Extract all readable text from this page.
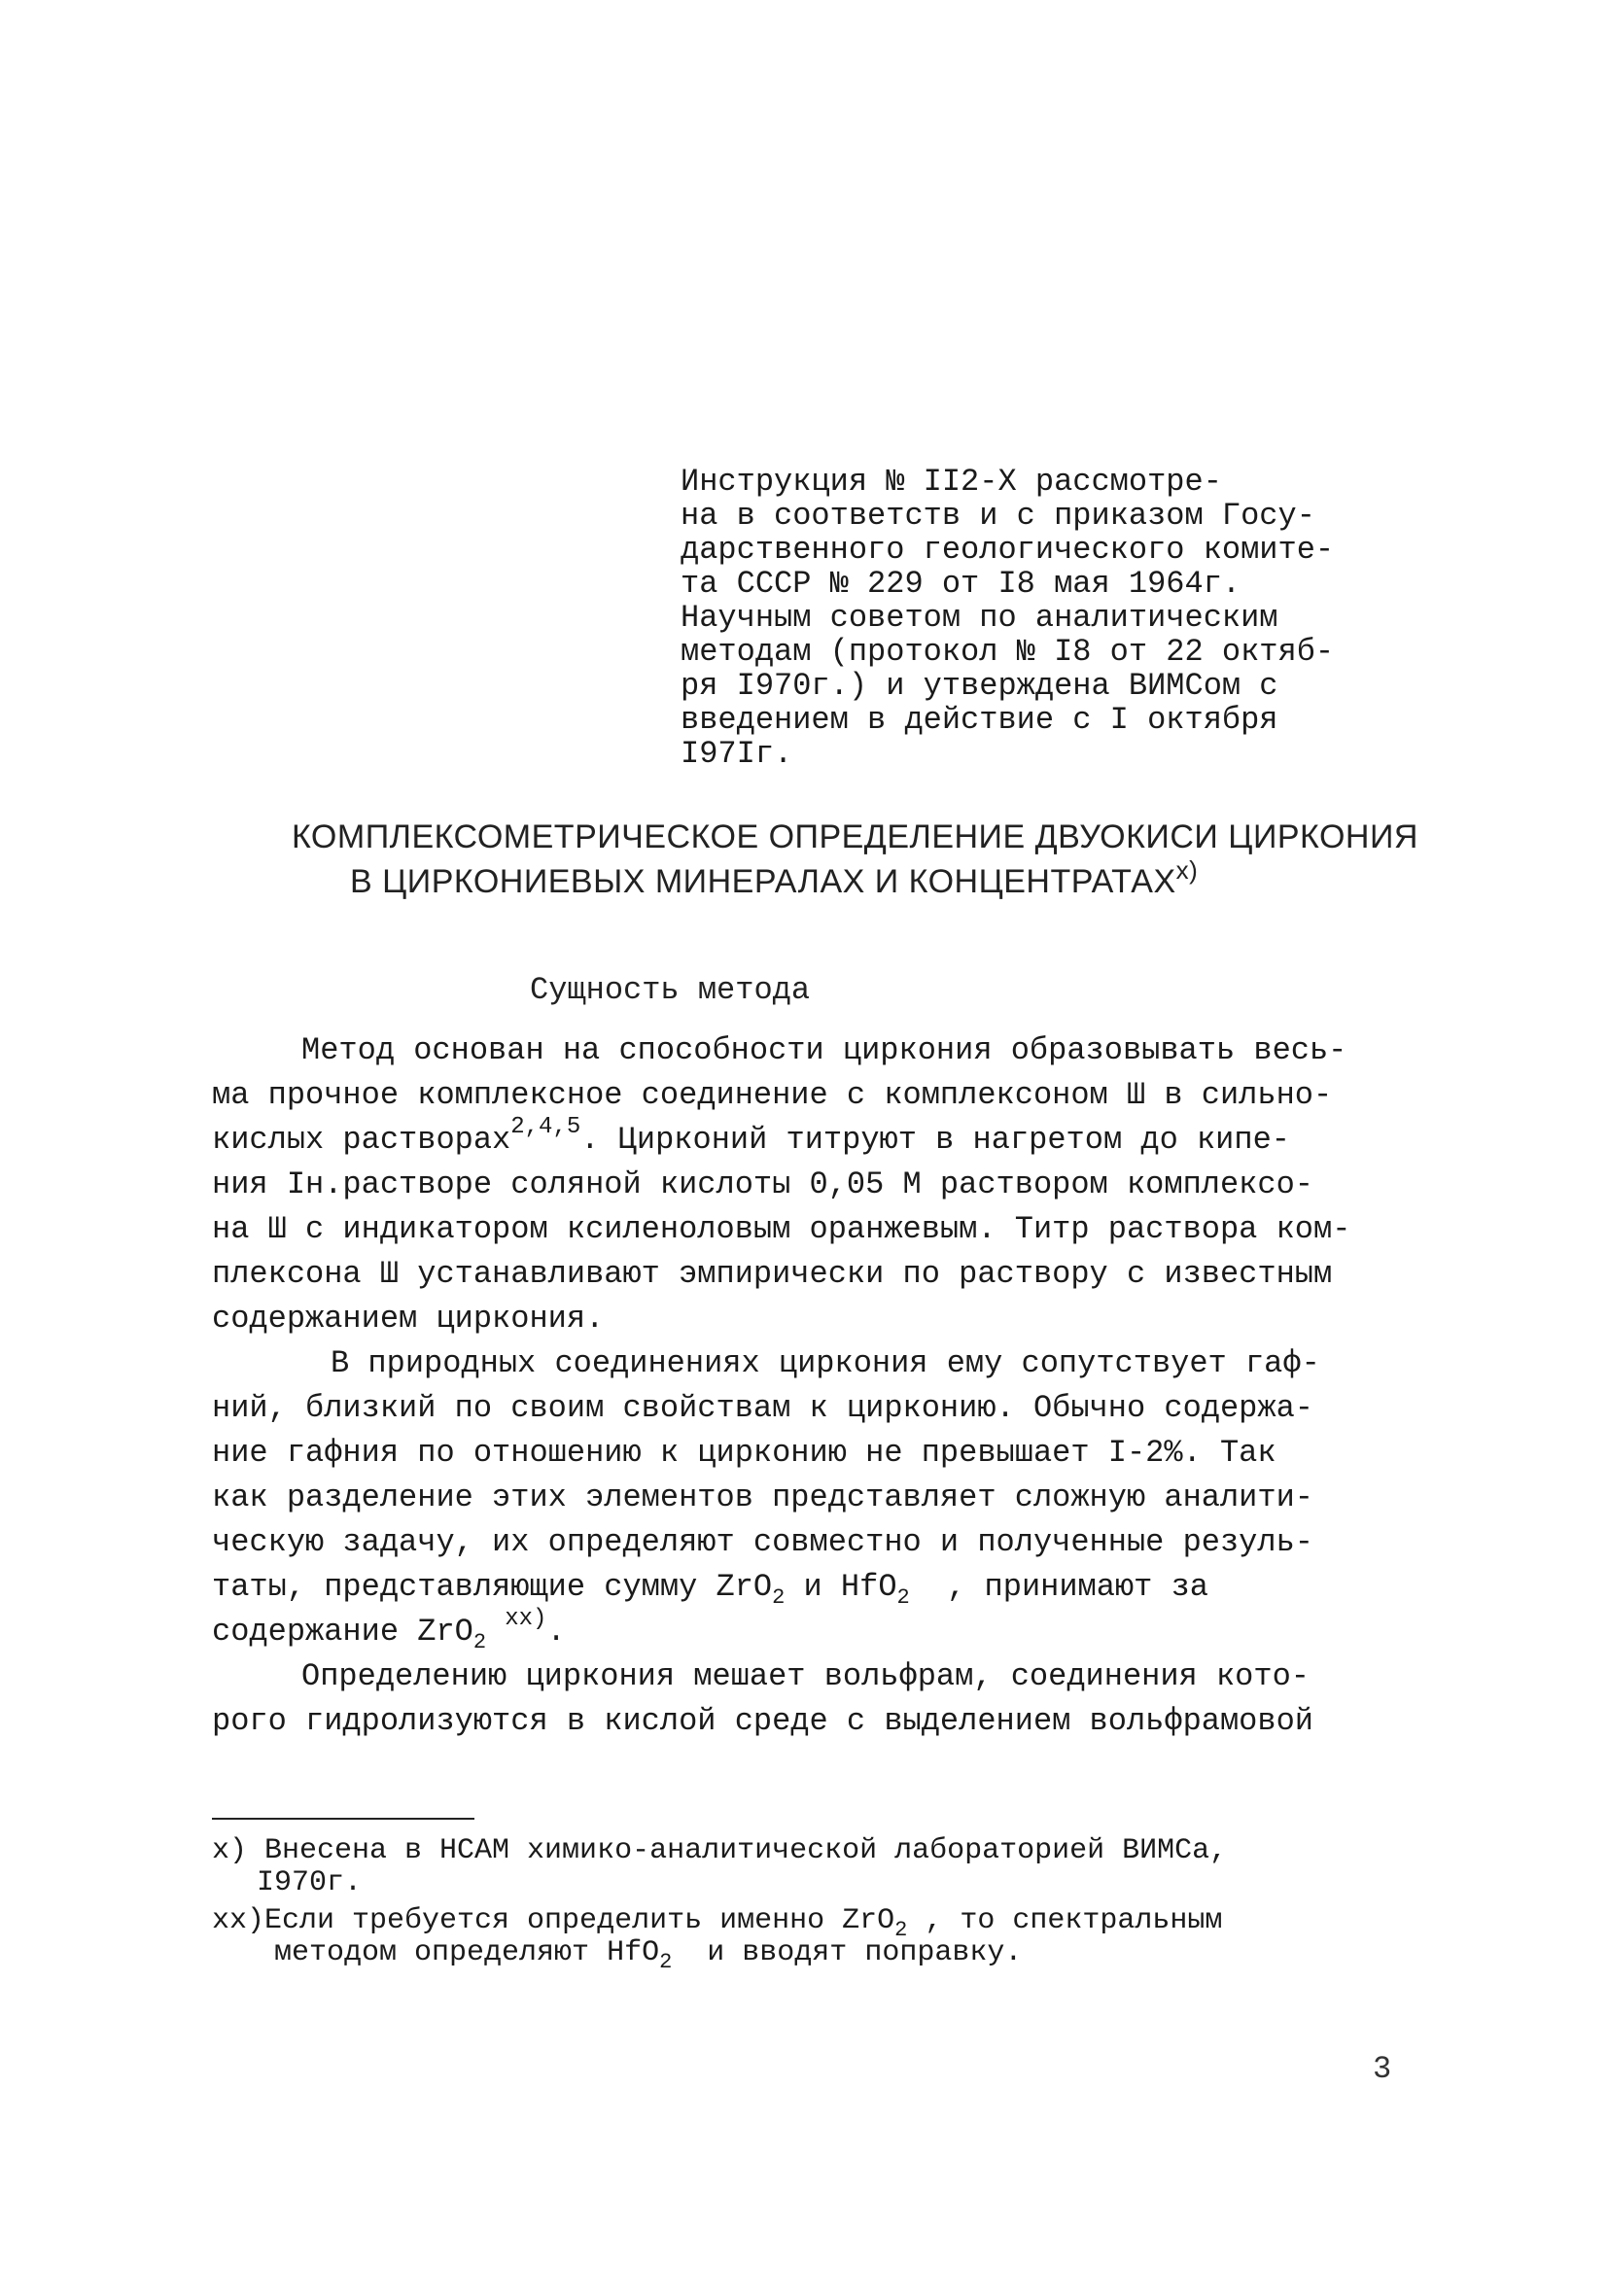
Инструкция № II2-Х рассмотре-
на в соответств и с приказом Госу-
дарственного геологического комите-
та СССР № 229 от I8 мая 1964г.
Научным советом по аналитическим
методам (протокол № I8 от 22 октяб-
ря I970г.) и утверждена ВИМСом с
введением в действие с I октября
I97Iг.
КОМПЛЕКСОМЕТРИЧЕСКОЕ ОПРЕДЕЛЕНИЕ ДВУОКИСИ ЦИРКОНИЯ
В ЦИРКОНИЕВЫХ МИНЕРАЛАХ И КОНЦЕНТРАТАХ$^{х)}$
Сущность метода
Метод основан на способности циркония образовывать весь-
ма прочное комплексное соединение с комплексоном Ш в сильно-
кислых растворах$^{2,4,5}$. Цирконий титруют в нагретом до кипе-
ния Iн.растворе соляной кислоты 0,05 М раствором комплексо-
на Ш с индикатором ксиленоловым оранжевым. Титр раствора ком-
плексона Ш устанавливают эмпирически по раствору с известным
содержанием циркония.
В природных соединениях циркония ему сопутствует гаф-
ний, близкий по своим свойствам к цирконию. Обычно содержа-
ние гафния по отношению к цирконию не превышает I-2%. Так
как разделение этих элементов представляет сложную аналити-
ческую задачу, их определяют совместно и полученные резуль-
таты, представляющие сумму ZrO$_2$ и HfO$_2$  , принимают за
содержание ZrO$_2$ $^{хх)}$.
Определению циркония мешает вольфрам, соединения кото-
рого гидролизуются в кислой среде с выделением вольфрамовой
х) Внесена в НСАМ химико-аналитической лабораторией ВИМСа,
I970г.
хх)Если требуется определить именно ZrO$_2$ , то спектральным
методом определяют HfO$_2$  и вводят поправку.
3
